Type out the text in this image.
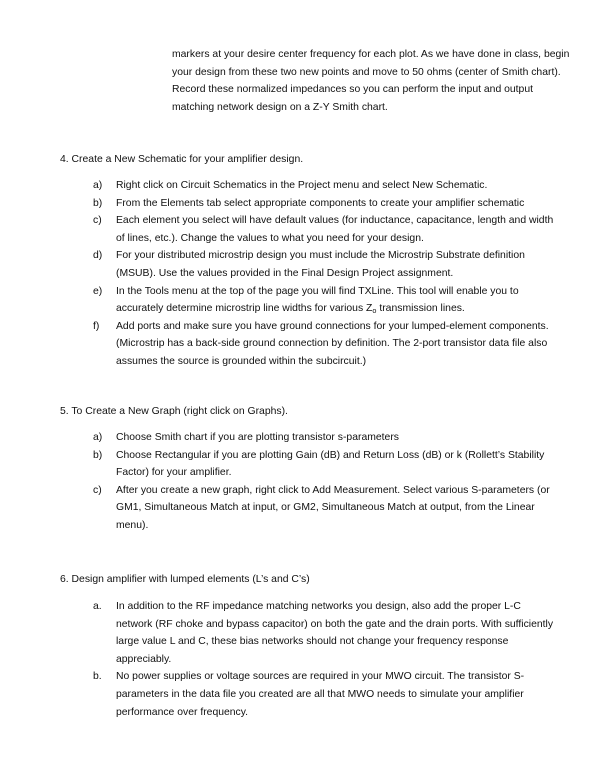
markers at your desire center frequency for each plot. As we have done in class, begin your design from these two new points and move to 50 ohms (center of Smith chart). Record these normalized impedances so you can perform the input and output matching network design on a Z-Y Smith chart.
4. Create a New Schematic for your amplifier design.
a) Right click on Circuit Schematics in the Project menu and select New Schematic.
b) From the Elements tab select appropriate components to create your amplifier schematic
c) Each element you select will have default values (for inductance, capacitance, length and width of lines, etc.). Change the values to what you need for your design.
d) For your distributed microstrip design you must include the Microstrip Substrate definition (MSUB). Use the values provided in the Final Design Project assignment.
e) In the Tools menu at the top of the page you will find TXLine. This tool will enable you to accurately determine microstrip line widths for various $Z_o$ transmission lines.
f) Add ports and make sure you have ground connections for your lumped-element components. (Microstrip has a back-side ground connection by definition. The 2-port transistor data file also assumes the source is grounded within the subcircuit.)
5. To Create a New Graph (right click on Graphs).
a) Choose Smith chart if you are plotting transistor s-parameters
b) Choose Rectangular if you are plotting Gain (dB) and Return Loss (dB) or k (Rollett’s Stability Factor) for your amplifier.
c) After you create a new graph, right click to Add Measurement. Select various S-parameters (or GM1, Simultaneous Match at input, or GM2, Simultaneous Match at output, from the Linear menu).
6. Design amplifier with lumped elements (L’s and C’s)
a. In addition to the RF impedance matching networks you design, also add the proper L-C network (RF choke and bypass capacitor) on both the gate and the drain ports. With sufficiently large value L and C, these bias networks should not change your frequency response appreciably.
b. No power supplies or voltage sources are required in your MWO circuit. The transistor S-parameters in the data file you created are all that MWO needs to simulate your amplifier performance over frequency.
